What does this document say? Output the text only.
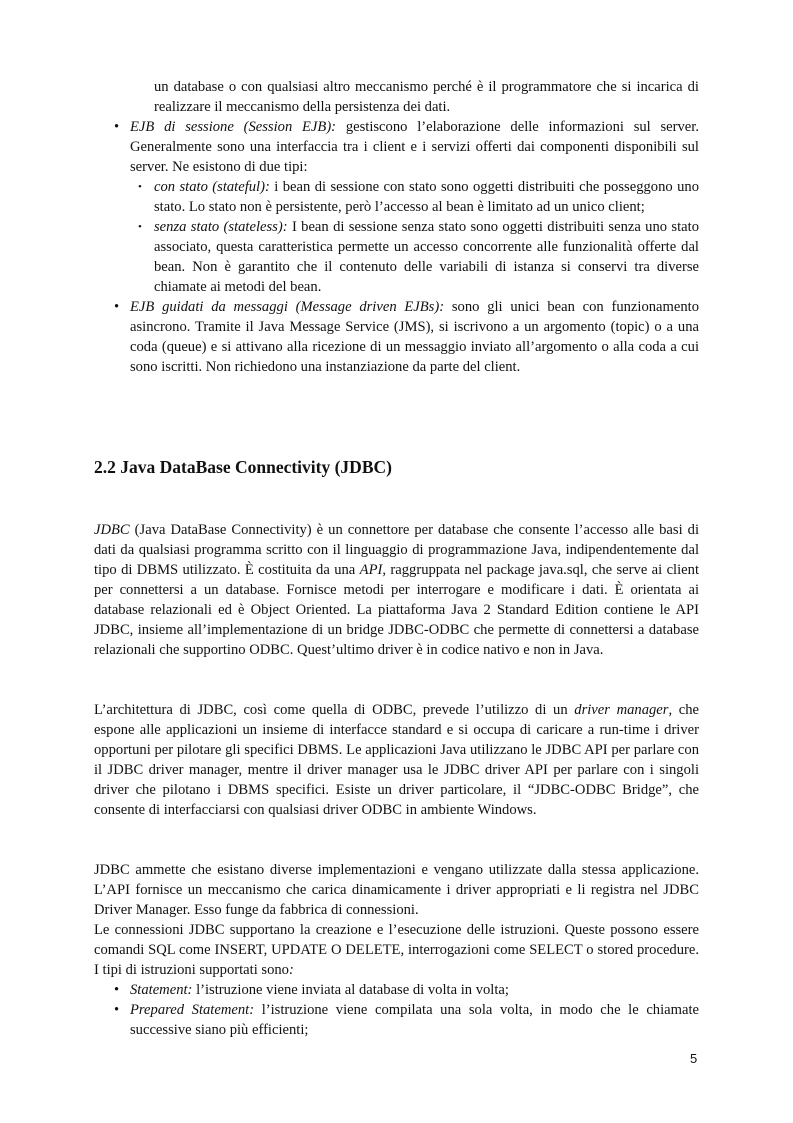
un database o con qualsiasi altro meccanismo perché è il programmatore che si incarica di realizzare il meccanismo della persistenza dei dati.

• EJB di sessione (Session EJB): gestiscono l’elaborazione delle informazioni sul server. Generalmente sono una interfaccia tra i client e i servizi offerti dai componenti disponibili sul server. Ne esistono di due tipi:
• con stato (stateful): i bean di sessione con stato sono oggetti distribuiti che posseggono uno stato. Lo stato non è persistente, però l’accesso al bean è limitato ad un unico client;
• senza stato (stateless): I bean di sessione senza stato sono oggetti distribuiti senza uno stato associato, questa caratteristica permette un accesso concorrente alle funzionalità offerte dal bean. Non è garantito che il contenuto delle variabili di istanza si conservi tra diverse chiamate ai metodi del bean.
• EJB guidati da messaggi (Message driven EJBs): sono gli unici bean con funzionamento asincrono. Tramite il Java Message Service (JMS), si iscrivono a un argomento (topic) o a una coda (queue) e si attivano alla ricezione di un messaggio inviato all’argomento o alla coda a cui sono iscritti. Non richiedono una instanziazione da parte del client.
2.2 Java DataBase Connectivity (JDBC)

JDBC (Java DataBase Connectivity) è un connettore per database che consente l’accesso alle basi di dati da qualsiasi programma scritto con il linguaggio di programmazione Java, indipendentemente dal tipo di DBMS utilizzato. È costituita da una API, raggruppata nel package java.sql, che serve ai client per connettersi a un database. Fornisce metodi per interrogare e modificare i dati. È orientata ai database relazionali ed è Object Oriented. La piattaforma Java 2 Standard Edition contiene le API JDBC, insieme all’implementazione di un bridge JDBC-ODBC che permette di connettersi a database relazionali che supportino ODBC. Quest’ultimo driver è in codice nativo e non in Java.

L’architettura di JDBC, così come quella di ODBC, prevede l’utilizzo di un driver manager, che espone alle applicazioni un insieme di interfacce standard e si occupa di caricare a run-time i driver opportuni per pilotare gli specifici DBMS. Le applicazioni Java utilizzano le JDBC API per parlare con il JDBC driver manager, mentre il driver manager usa le JDBC driver API per parlare con i singoli driver che pilotano i DBMS specifici. Esiste un driver particolare, il “JDBC-ODBC Bridge”, che consente di interfacciarsi con qualsiasi driver ODBC in ambiente Windows.

JDBC ammette che esistano diverse implementazioni e vengano utilizzate dalla stessa applicazione. L’API fornisce un meccanismo che carica dinamicamente i driver appropriati e li registra nel JDBC Driver Manager. Esso funge da fabbrica di connessioni.

Le connessioni JDBC supportano la creazione e l’esecuzione delle istruzioni. Queste possono essere comandi SQL come INSERT, UPDATE O DELETE, interrogazioni come SELECT o stored procedure. I tipi di istruzioni supportati sono:

• Statement: l’istruzione viene inviata al database di volta in volta;
• Prepared Statement: l’istruzione viene compilata una sola volta, in modo che le chiamate successive siano più efficienti;
5
